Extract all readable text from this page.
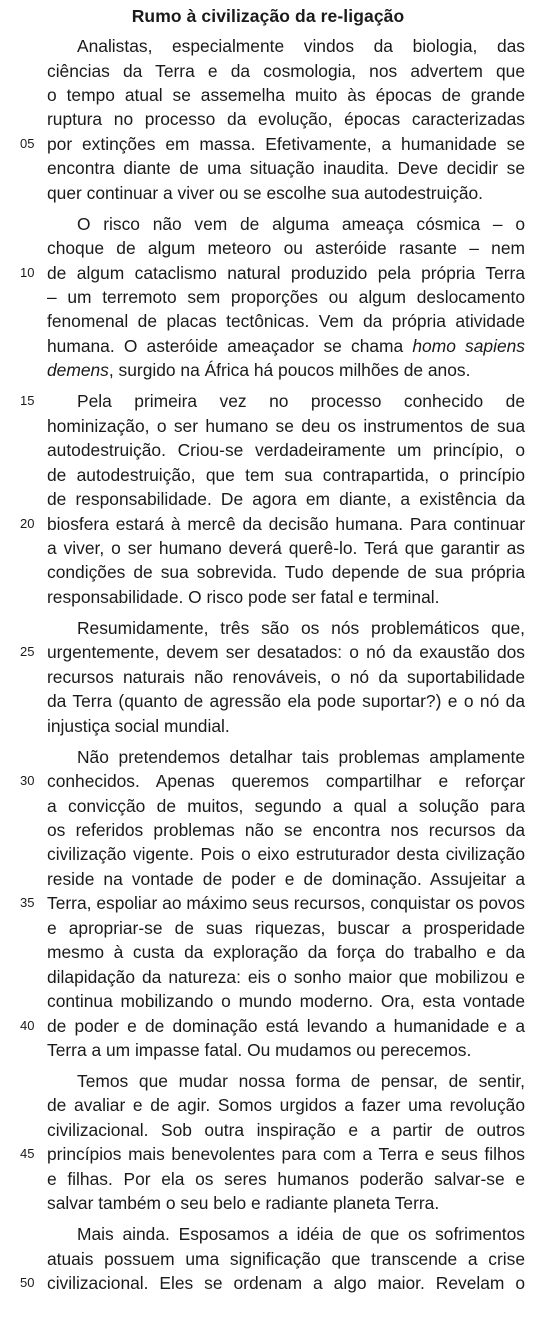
Rumo à civilização da re-ligação
Analistas, especialmente vindos da biologia, das
ciências da Terra e da cosmologia, nos advertem que
o tempo atual se assemelha muito às épocas de grande
ruptura no processo da evolução, épocas caracterizadas
por extinções em massa. Efetivamente, a humanidade se
encontra diante de uma situação inaudita. Deve decidir se
quer continuar a viver ou se escolhe sua autodestruição.
O risco não vem de alguma ameaça cósmica – o
choque de algum meteoro ou asteróide rasante – nem
de algum cataclismo natural produzido pela própria Terra
– um terremoto sem proporções ou algum deslocamento
fenomenal de placas tectônicas. Vem da própria atividade
humana. O asteróide ameaçador se chama homo sapiens
demens, surgido na África há poucos milhões de anos.
Pela primeira vez no processo conhecido de
hominização, o ser humano se deu os instrumentos de sua
autodestruição. Criou-se verdadeiramente um princípio, o
de autodestruição, que tem sua contrapartida, o princípio
de responsabilidade. De agora em diante, a existência da
biosfera estará à mercê da decisão humana. Para continuar
a viver, o ser humano deverá querê-lo. Terá que garantir as
condições de sua sobrevida. Tudo depende de sua própria
responsabilidade. O risco pode ser fatal e terminal.
Resumidamente, três são os nós problemáticos que,
urgentemente, devem ser desatados: o nó da exaustão dos
recursos naturais não renováveis, o nó da suportabilidade
da Terra (quanto de agressão ela pode suportar?) e o nó da
injustiça social mundial.
Não pretendemos detalhar tais problemas amplamente
conhecidos. Apenas queremos compartilhar e reforçar
a convicção de muitos, segundo a qual a solução para
os referidos problemas não se encontra nos recursos da
civilização vigente. Pois o eixo estruturador desta civilização
reside na vontade de poder e de dominação. Assujeitar a
Terra, espoliar ao máximo seus recursos, conquistar os povos
e apropriar-se de suas riquezas, buscar a prosperidade
mesmo à custa da exploração da força do trabalho e da
dilapidação da natureza: eis o sonho maior que mobilizou e
continua mobilizando o mundo moderno. Ora, esta vontade
de poder e de dominação está levando a humanidade e a
Terra a um impasse fatal. Ou mudamos ou perecemos.
Temos que mudar nossa forma de pensar, de sentir,
de avaliar e de agir. Somos urgidos a fazer uma revolução
civilizacional. Sob outra inspiração e a partir de outros
princípios mais benevolentes para com a Terra e seus filhos
e filhas. Por ela os seres humanos poderão salvar-se e
salvar também o seu belo e radiante planeta Terra.
Mais ainda. Esposamos a idéia de que os sofrimentos
atuais possuem uma significação que transcende a crise
civilizacional. Eles se ordenam a algo maior. Revelam o
05
10
15
20
25
30
35
40
45
50
